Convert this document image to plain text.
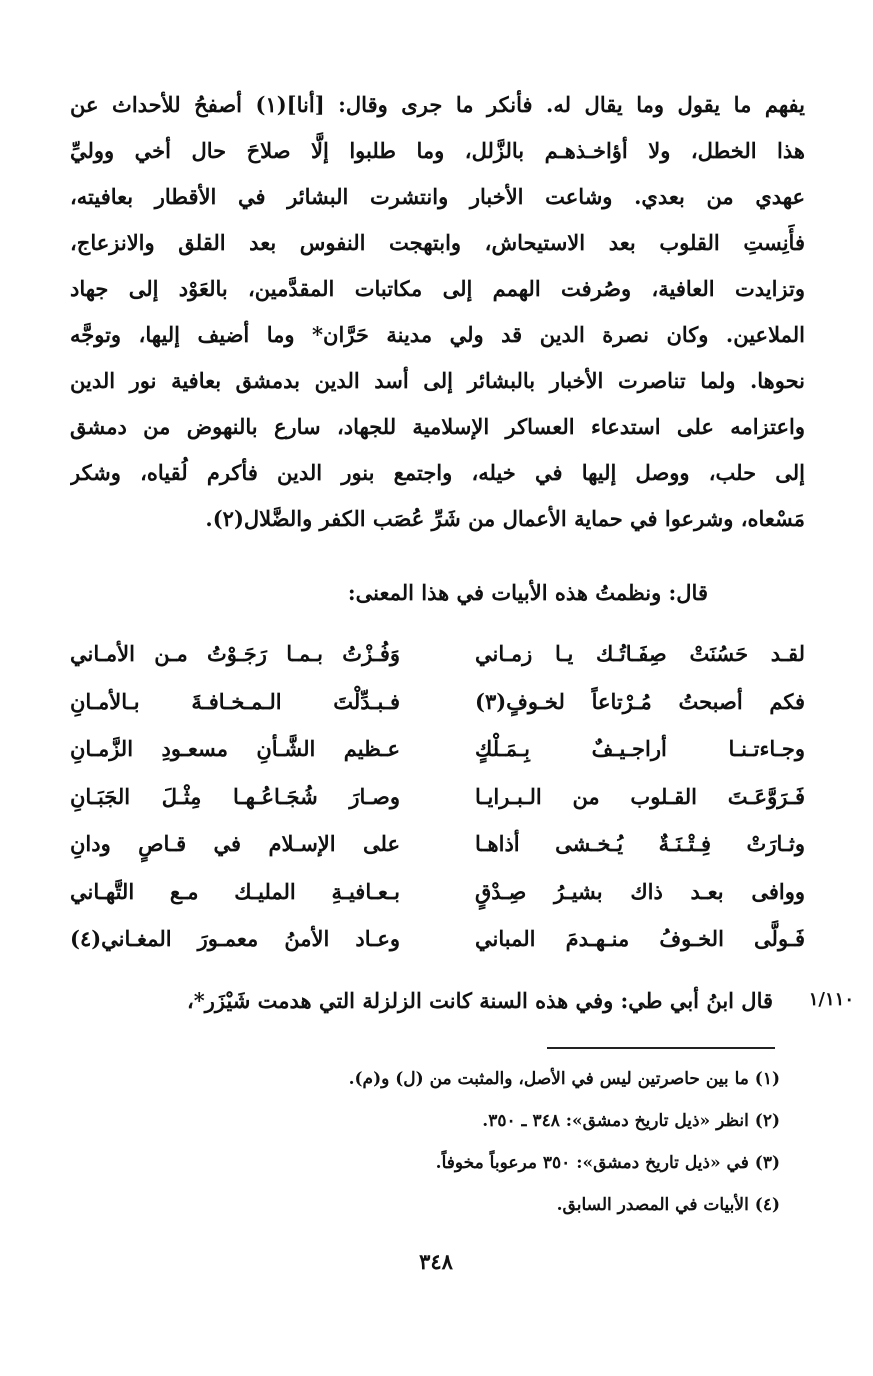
يفهم ما يقول وما يقال له. فأنكر ما جرى وقال: [أنا](١) أصفحُ للأحداث عن
هذا الخطل، ولا أؤاخـذهـم بالزَّلل، وما طلبوا إلَّا صلاحَ حال أخي ووليِّ
عهدي من بعدي. وشاعت الأخبار وانتشرت البشائر في الأقطار بعافيته،
فأَنِستِ القلوب بعد الاستيحاش، وابتهجت النفوس بعد القلق والانزعاج،
وتزايدت العافية، وصُرفت الهمم إلى مكاتبات المقدَّمين، بالعَوْد إلى جهاد
الملاعين. وكان نصرة الدين قد ولي مدينة حَرَّان* وما أضيف إليها، وتوجَّه
نحوها. ولما تناصرت الأخبار بالبشائر إلى أسد الدين بدمشق بعافية نور الدين
واعتزامه على استدعاء العساكر الإسلامية للجهاد، سارع بالنهوض من دمشق
إلى حلب، ووصل إليها في خيله، واجتمع بنور الدين فأكرم لُقياه، وشكر
مَسْعاه، وشرعوا في حماية الأعمال من شَرِّ عُصَب الكفر والضَّلال(٢).
قال: ونظمتُ هذه الأبيات في هذا المعنى:
لقـد حَسُنَتْ صِفَـاتُـك يـا زمـاني
وَفُـزْتُ بـمـا رَجَـوْتُ مـن الأمـاني
فكم أصبحتُ مُـرْتاعاً لخـوفٍ(٣)
فـبـدِّلْتَ الـمـخـافـةَ بـالأمـانِ
وجـاءتـنـا أراجـيـفٌ بِـمَـلْكٍ
عـظيم الشَّـأنِ مسعـودِ الزَّمـانِ
فَـرَوَّعَـتَ القـلوب من الـبـرايـا
وصـارَ شُجَـاعُـهـا مِثْـلَ الجَبَـانِ
وثـارَتْ فِـتْـنَـةٌ يُـخـشى أذاهـا
على الإسـلام في قـاصٍ ودانِ
ووافى بعـد ذاك بشيـرُ صِـدْقٍ
بـعـافيـةِ المليـك مـع التَّهـاني
فَـولَّى الخـوفُ منـهـدمَ المباني
وعـاد الأمنُ معمـورَ المغـاني(٤)
١/١١٠
قال ابنُ أبي طي: وفي هذه السنة كانت الزلزلة التي هدمت شَيْزَر*،
(١) ما بين حاصرتين ليس في الأصل، والمثبت من (ل) و(م).
(٢) انظر «ذيل تاريخ دمشق»: ٣٤٨ ـ ٣٥٠.
(٣) في «ذيل تاريخ دمشق»: ٣٥٠ مرعوباً مخوفاً.
(٤) الأبيات في المصدر السابق.
٣٤٨
